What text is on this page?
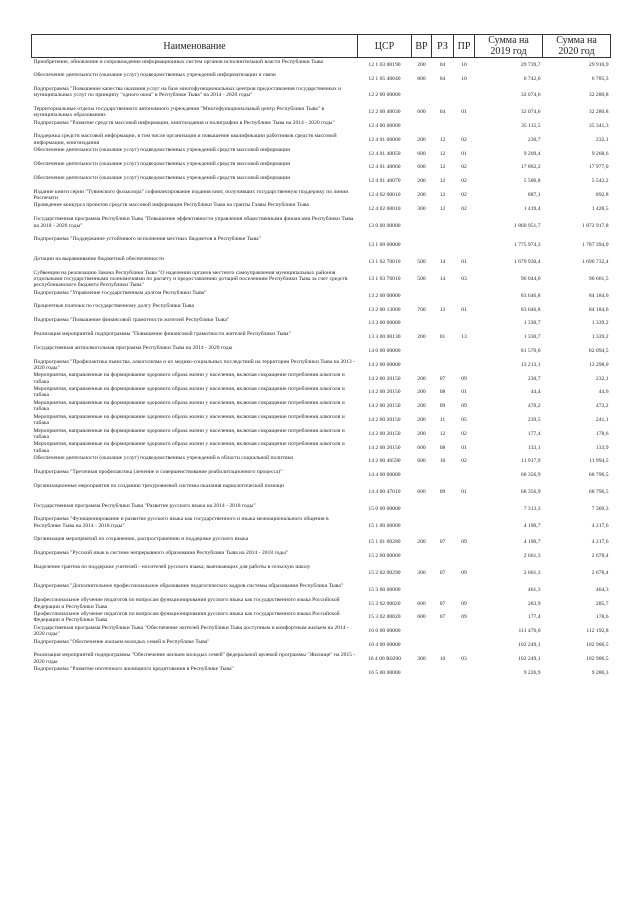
Наименование	ЦСР	ВР	РЗ	ПР	Сумма на 2019 год	Сумма на 2020 год
Приобретение, обновление и сопровождение информационных систем органов исполнительной власти Республики Тыва	12 1 03 00190	200	04	10	29 739,7	29 910,9
Обеспечение деятельности (оказание услуг) подведомственных учреждений информатизации и связи	12 1 05 40040	800	04	10	6 742,0	6 785,3
Подпрограмма "Повышение качества оказания услуг на базе многофункциональных центров предоставления государственных и муниципальных услуг по принципу "одного окна" в Республике Тыва" на 2014 - 2020 годы"	12 2 00 00000				32 074,6	32 280,8
Территориальные отделы государственного автономного учреждения "Многофункциональный центр Республики Тыва" в муниципальных образованиях	12 2 00 40030	600	04	01	32 074,6	32 280,8
Подпрограмма "Развитие средств массовой информации, книгоиздания и полиграфии в Республике Тыва на 2014 - 2020 годы"	12 4 00 00000				35 115,5	35 341,3
Поддержка средств массовой информации, в том числе организация и повышение квалификации работников средств массовой информации, книгоиздания	12 4 01 00000	200	12	02	230,7	232,1
Обеспечение деятельности (оказание услуг) подведомственных учреждений средств массовой информации	12 4 01 40050	600	12	01	9 209,4	9 268,6
Обеспечение деятельности (оказание услуг) подведомственных учреждений средств массовой информации	12 4 01 40060	600	12	02	17 862,2	17 977,0
Обеспечение деятельности (оказание услуг) подведомственных учреждений средств массовой информации	12 4 01 40070	200	12	02	5 506,8	5 542,2
Издание книги серии "Тувинского фольклора" софинансирование издания книг, получивших государственную поддержку по линии Роспечати	12 4 02 00010	200	12	02	887,1	892,8
Проведение конкурса проектов средств массовой информации Республики Тыва на гранты Главы Республики Тыва	12 4 02 60010	300	12	02	1 419,4	1 428,5
Государственная программа Республики Тыва "Повышение эффективности управления общественными финансами Республики Тыва на 2018 - 2020 годы"	13 0 00 00000				1 860 951,7	1 872 917,8
Подпрограмма "Поддержание устойчивого исполнения местных бюджетов в Республике Тыва"	13 1 00 00000				1 775 974,3	1 787 394,0
Дотации на выравнивание бюджетной обеспеченности	13 1 02 70010	500	14	01	1 679 930,4	1 690 732,4
Субвенции на реализацию Закона Республики Тыва "О наделении органов местного самоуправления муниципальных районов отдельными государственными полномочиями по расчету и предоставлению дотаций поселениям Республики Тыва за счет средств республиканского бюджета Республики Тыва"	13 1 03 76010	500	14	03	96 044,0	96 661,5
Подпрограмма "Управление государственным долгом Республики Тыва"	13 2 00 00000				83 646,8	84 184,6
Процентные платежи по государственному долгу Республики Тыва	13 2 00 13000	700	13	01	83 646,8	84 184,6
Подпрограмма "Повышение финансовой грамотности жителей Республики Тыва"	13 3 00 00000				1 330,7	1 339,2
Реализация мероприятий подпрограммы "Повышение финансовой грамотности жителей Республики Тыва"	13 3 00 00130	200	01	13	1 330,7	1 339,2
Государственная антиалкогольная программа Республики Тыва на 2014 - 2020 годы	14 0 00 00000				81 570,0	82 094,5
Подпрограмма "Профилактика пьянства, алкоголизма и их медико-социальных последствий на территории Республики Тыва на 2013 - 2020 годы"	14 2 00 00000				13 213,1	13 298,0
Мероприятия, направленные на формирование здорового образа жизни у населения, включая сокращение потребления алкоголя и табака	14 2 00 20150	200	07	09	230,7	232,1
Мероприятия, направленные на формирование здорового образа жизни у населения, включая сокращение потребления алкоголя и табака	14 2 00 20150	200	08	01	44,4	44,6
Мероприятия, направленные на формирование здорового образа жизни у населения, включая сокращение потребления алкоголя и табака	14 2 00 20150	200	09	09	470,2	473,2
Мероприятия, направленные на формирование здорового образа жизни у населения, включая сокращение потребления алкоголя и табака	14 2 00 20150	200	11	05	239,5	241,1
Мероприятия, направленные на формирование здорового образа жизни у населения, включая сокращение потребления алкоголя и табака	14 2 00 20150	200	12	02	177,4	178,6
Мероприятия, направленные на формирование здорового образа жизни у населения, включая сокращение потребления алкоголя и табака	14 2 00 20150	600	08	01	133,1	133,9
Обеспечение деятельности (оказание услуг) подведомственных учреждений в области социальной политики	14 2 00 40590	600	10	02	11 917,9	11 994,5
Подпрограмма "Третичная профилактика (лечение и совершенствование реабилитационного процесса)"	14 4 00 00000				68 356,9	68 796,5
Организационные мероприятия по созданию трехуровневой системы оказания наркологической помощи	14 4 00 47010	600	09	01	68 356,9	68 796,5
Государственная программа Республики Тыва "Развитие русского языка на 2014 - 2018 годы"	15 0 00 00000				7 313,3	7 360,3
Подпрограмма "Функционирование и развитие русского языка как государственного и языка межнационального общения в Республике Тыва на 2014 - 2018 годы"	15 1 00 00000				4 190,7	4 217,6
Организация мероприятий по сохранению, распространению и поддержке русского языка	15 1 01 00280	200	07	09	4 190,7	4 217,6
Подпрограмма "Русский язык в системе непрерывного образования Республики Тыва на 2014 - 2018 годы"	15 2 00 00000				2 661,3	2 678,4
Выделение грантов по поддержке учителей - носителей русского языка, выезжающих для работы в сельскую школу	15 2 02 00290	300	07	09	2 661,3	2 678,4
Подпрограмма "Дополнительное профессиональное образование педагогических кадров системы образования Республики Тыва"	15 3 00 00000				461,3	464,3
Профессиональное обучение педагогов по вопросам функционирования русского языка как государственного языка Российской Федерации и Республики Тыва	15 3 02 00020	600	07	09	283,9	285,7
Профессиональное обучение педагогов по вопросам функционирования русского языка как государственного языка Российской Федерации и Республики Тыва	15 3 02 00020	600	07	09	177,4	178,6
Государственная программа Республики Тыва "Обеспечение жителей Республики Тыва доступным и комфортным жильем на 2014 - 2020 годы"	16 0 00 00000				111 476,0	112 192,8
Подпрограмма "Обеспечение жильем молодых семей в Республике Тыва"	16 4 00 00000				102 249,1	102 906,5
Реализация мероприятий подпрограммы "Обеспечение жильем молодых семей" федеральной целевой программы "Жилище" на 2015 - 2020 годы	16 4 00 R0200	300	10	03	102 249,1	102 906,5
Подпрограмма "Развитие ипотечного жилищного кредитования в Республике Тыва"	16 5 00 00000				9 226,9	9 286,3
